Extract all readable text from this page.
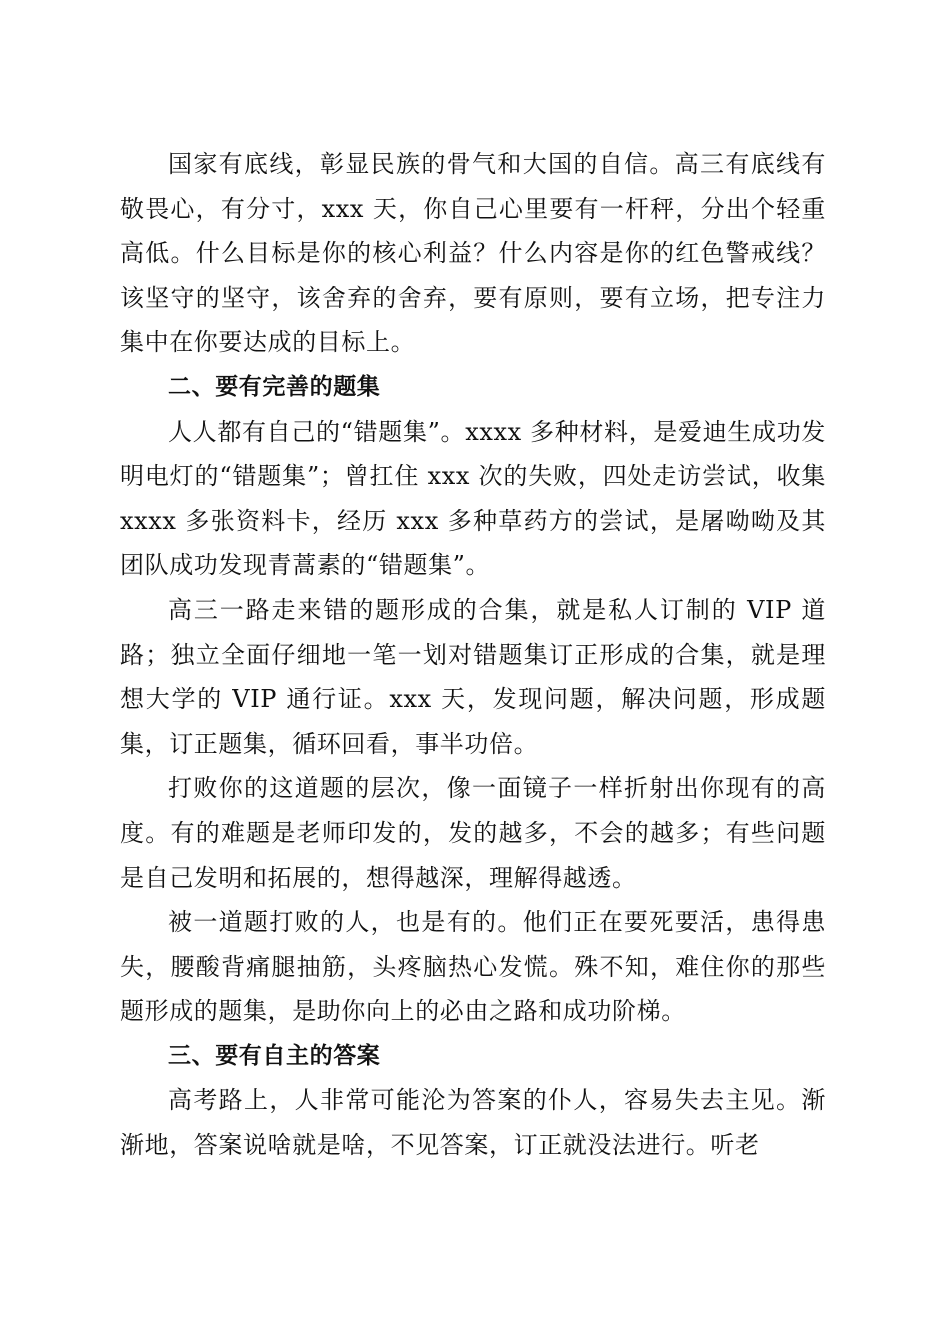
国家有底线，彰显民族的骨气和大国的自信。高三有底线有敬畏心，有分寸，xxx 天，你自己心里要有一杆秤，分出个轻重高低。什么目标是你的核心利益？什么内容是你的红色警戒线？该坚守的坚守，该舍弃的舍弃，要有原则，要有立场，把专注力集中在你要达成的目标上。

二、要有完善的题集

人人都有自己的“错题集”。xxxx 多种材料，是爱迪生成功发明电灯的“错题集”；曾扛住 xxx 次的失败，四处走访尝试，收集 xxxx 多张资料卡，经历 xxx 多种草药方的尝试，是屠呦呦及其团队成功发现青蒿素的“错题集”。

高三一路走来错的题形成的合集，就是私人订制的 VIP 道路；独立全面仔细地一笔一划对错题集订正形成的合集，就是理想大学的 VIP 通行证。xxx 天，发现问题，解决问题，形成题集，订正题集，循环回看，事半功倍。

打败你的这道题的层次，像一面镜子一样折射出你现有的高度。有的难题是老师印发的，发的越多，不会的越多；有些问题是自己发明和拓展的，想得越深，理解得越透。

被一道题打败的人，也是有的。他们正在要死要活，患得患失，腰酸背痛腿抽筋，头疼脑热心发慌。殊不知，难住你的那些题形成的题集，是助你向上的必由之路和成功阶梯。

三、要有自主的答案

高考路上，人非常可能沦为答案的仆人，容易失去主见。渐渐地，答案说啥就是啥，不见答案，订正就没法进行。听老
